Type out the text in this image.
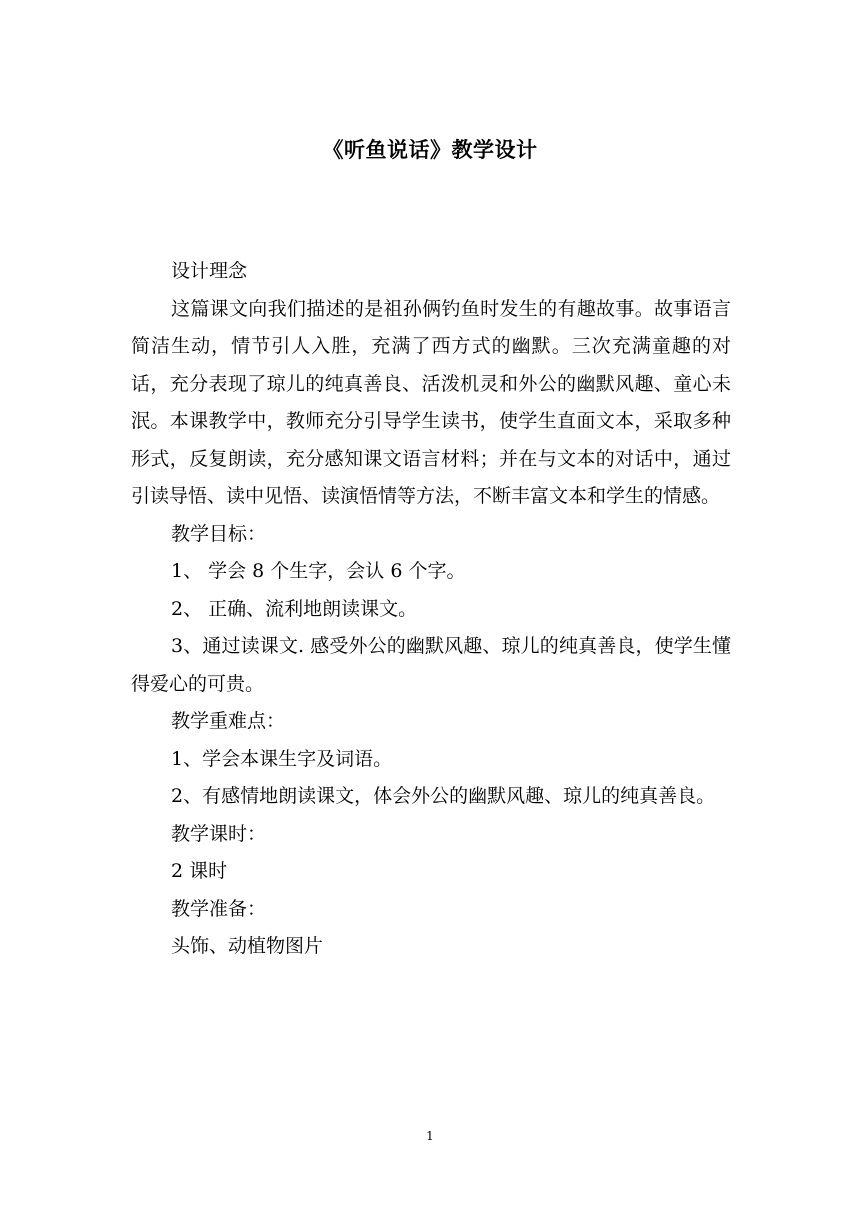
《听鱼说话》教学设计

设计理念

这篇课文向我们描述的是祖孙俩钓鱼时发生的有趣故事。故事语言简洁生动，情节引人入胜，充满了西方式的幽默。三次充满童趣的对话，充分表现了琼儿的纯真善良、活泼机灵和外公的幽默风趣、童心未泯。本课教学中，教师充分引导学生读书，使学生直面文本，采取多种形式，反复朗读，充分感知课文语言材料；并在与文本的对话中，通过引读导悟、读中见悟、读演悟情等方法，不断丰富文本和学生的情感。

教学目标：

1、 学会 8 个生字，会认 6 个字。

2、 正确、流利地朗读课文。

3、通过读课文. 感受外公的幽默风趣、琼儿的纯真善良，使学生懂得爱心的可贵。

教学重难点：

1、学会本课生字及词语。

2、有感情地朗读课文，体会外公的幽默风趣、琼儿的纯真善良。

教学课时：

2 课时

教学准备：

头饰、动植物图片

1
